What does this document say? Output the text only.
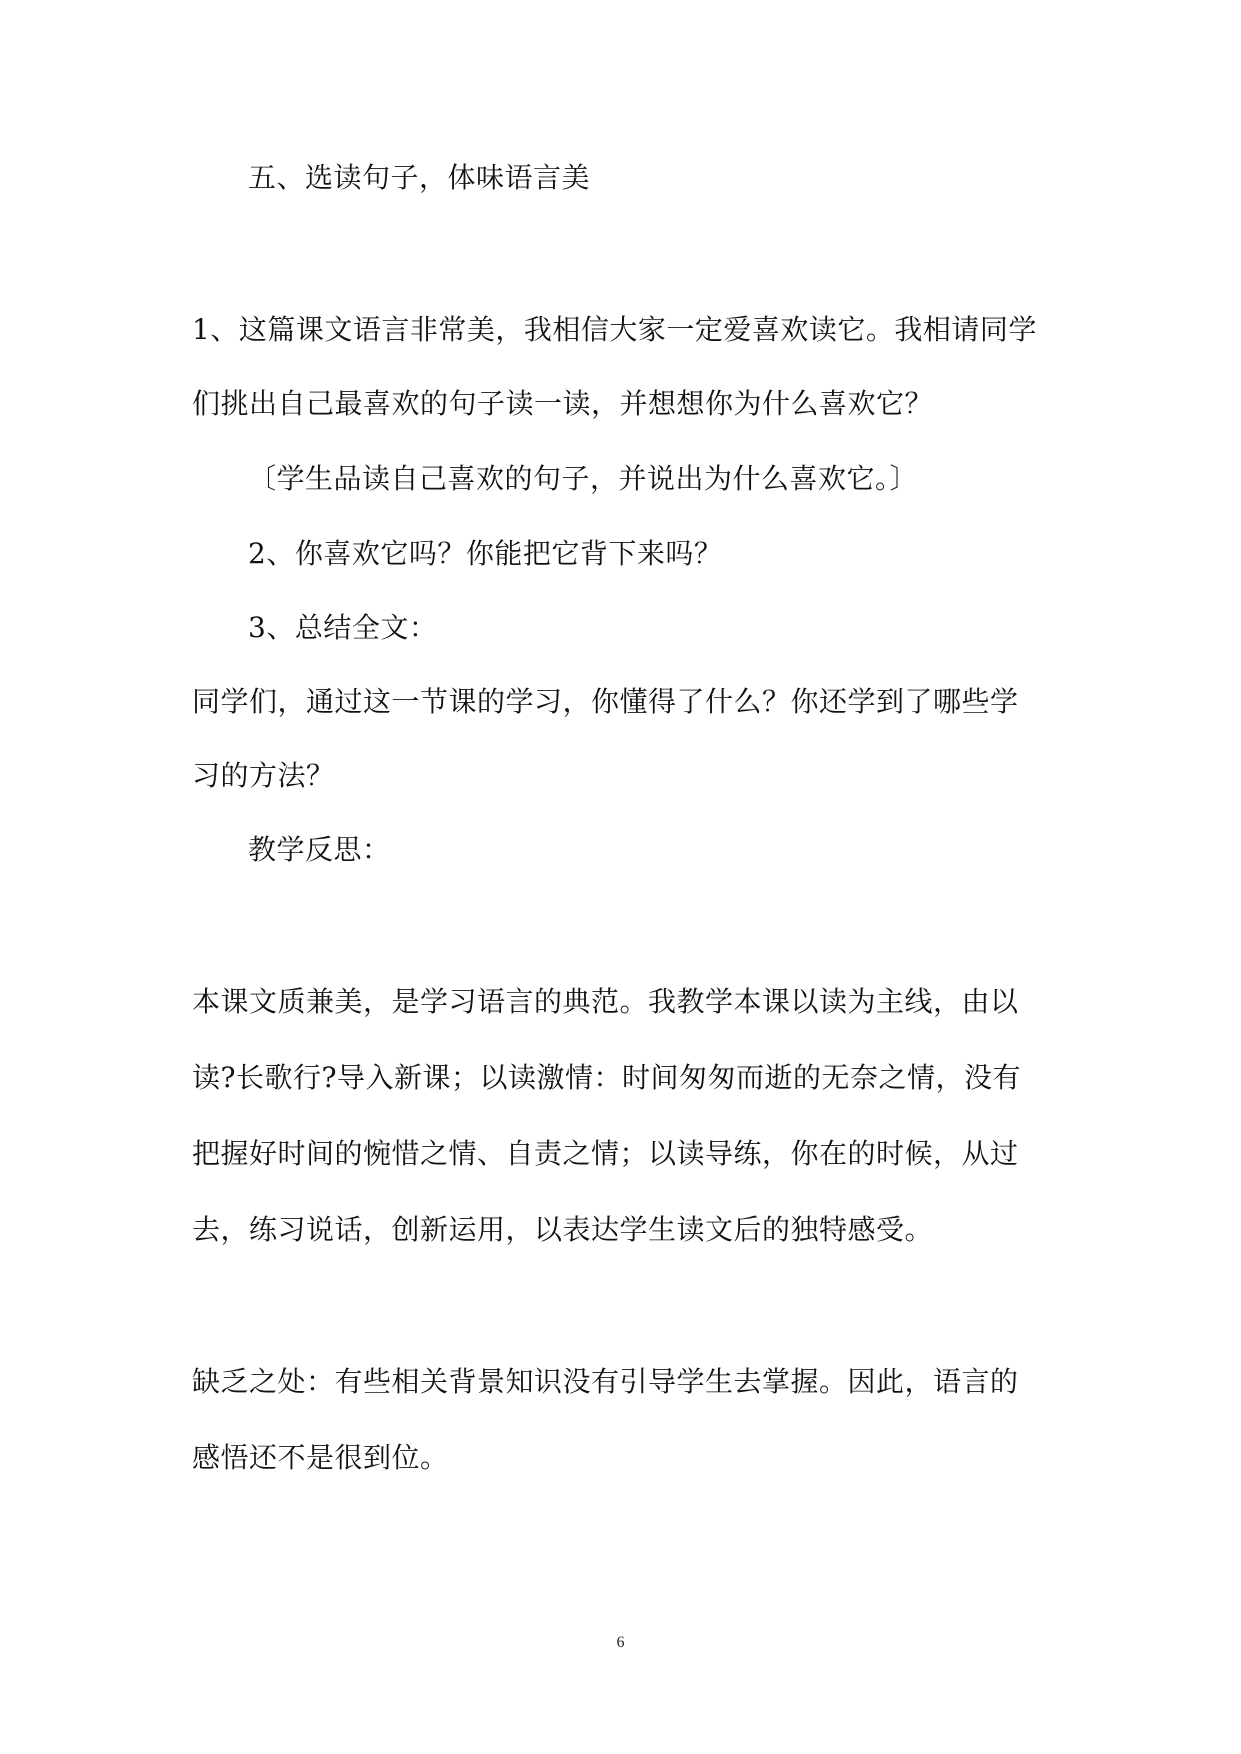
五、选读句子，体味语言美
1、这篇课文语言非常美，我相信大家一定爱喜欢读它。我相请同学
们挑出自己最喜欢的句子读一读，并想想你为什么喜欢它？
〔学生品读自己喜欢的句子，并说出为什么喜欢它。〕
2、你喜欢它吗？你能把它背下来吗？
3、总结全文：
同学们，通过这一节课的学习，你懂得了什么？你还学到了哪些学
习的方法？
教学反思：
本课文质兼美，是学习语言的典范。我教学本课以读为主线，由以
读?长歌行?导入新课；以读激情：时间匆匆而逝的无奈之情，没有
把握好时间的惋惜之情、自责之情；以读导练，你在的时候，从过
去，练习说话，创新运用，以表达学生读文后的独特感受。
缺乏之处：有些相关背景知识没有引导学生去掌握。因此，语言的
感悟还不是很到位。
6
